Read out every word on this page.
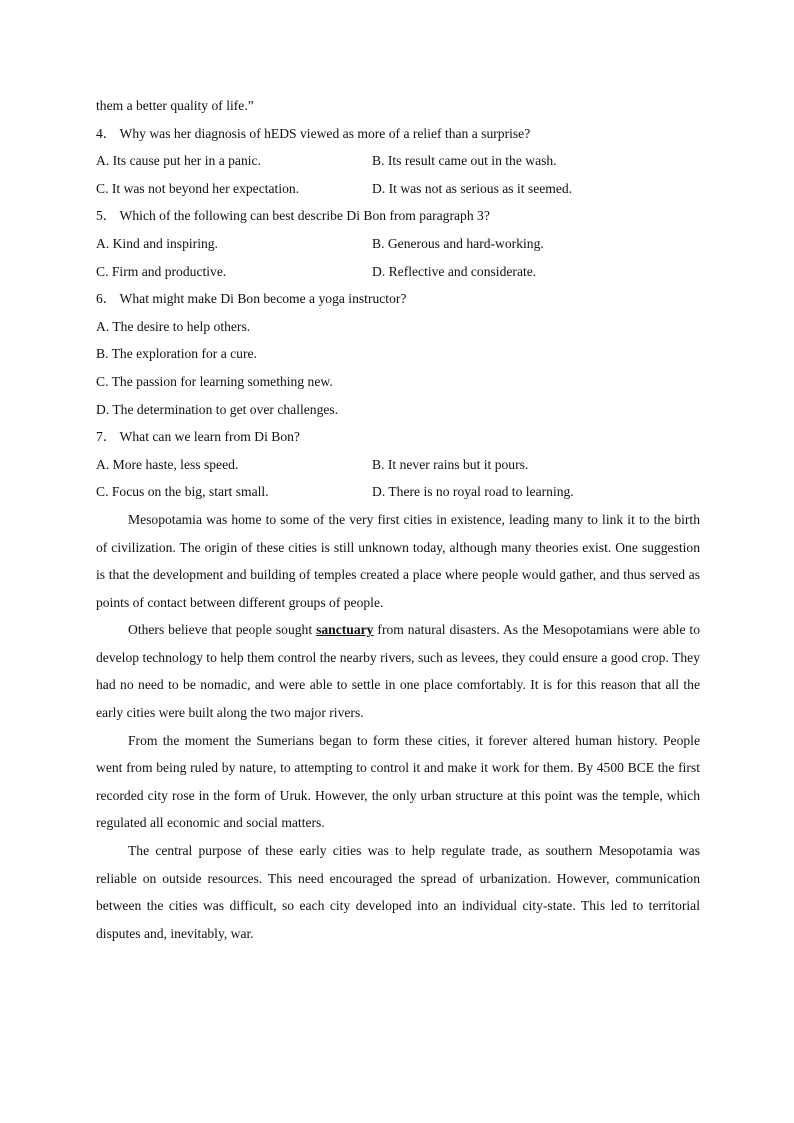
them a better quality of life.”
4． Why was her diagnosis of hEDS viewed as more of a relief than a surprise?
A. Its cause put her in a panic.	B. Its result came out in the wash.
C. It was not beyond her expectation.	D. It was not as serious as it seemed.
5． Which of the following can best describe Di Bon from paragraph 3?
A. Kind and inspiring.	B. Generous and hard-working.
C. Firm and productive.	D. Reflective and considerate.
6． What might make Di Bon become a yoga instructor?
A. The desire to help others.
B. The exploration for a cure.
C. The passion for learning something new.
D. The determination to get over challenges.
7． What can we learn from Di Bon?
A. More haste, less speed.	B. It never rains but it pours.
C. Focus on the big, start small.	D. There is no royal road to learning.

Mesopotamia was home to some of the very first cities in existence, leading many to link it to the birth of civilization. The origin of these cities is still unknown today, although many theories exist. One suggestion is that the development and building of temples created a place where people would gather, and thus served as points of contact between different groups of people.

Others believe that people sought sanctuary from natural disasters. As the Mesopotamians were able to develop technology to help them control the nearby rivers, such as levees, they could ensure a good crop. They had no need to be nomadic, and were able to settle in one place comfortably. It is for this reason that all the early cities were built along the two major rivers.

From the moment the Sumerians began to form these cities, it forever altered human history. People went from being ruled by nature, to attempting to control it and make it work for them. By 4500 BCE the first recorded city rose in the form of Uruk. However, the only urban structure at this point was the temple, which regulated all economic and social matters.

The central purpose of these early cities was to help regulate trade, as southern Mesopotamia was reliable on outside resources. This need encouraged the spread of urbanization. However, communication between the cities was difficult, so each city developed into an individual city-state. This led to territorial disputes and, inevitably, war.
